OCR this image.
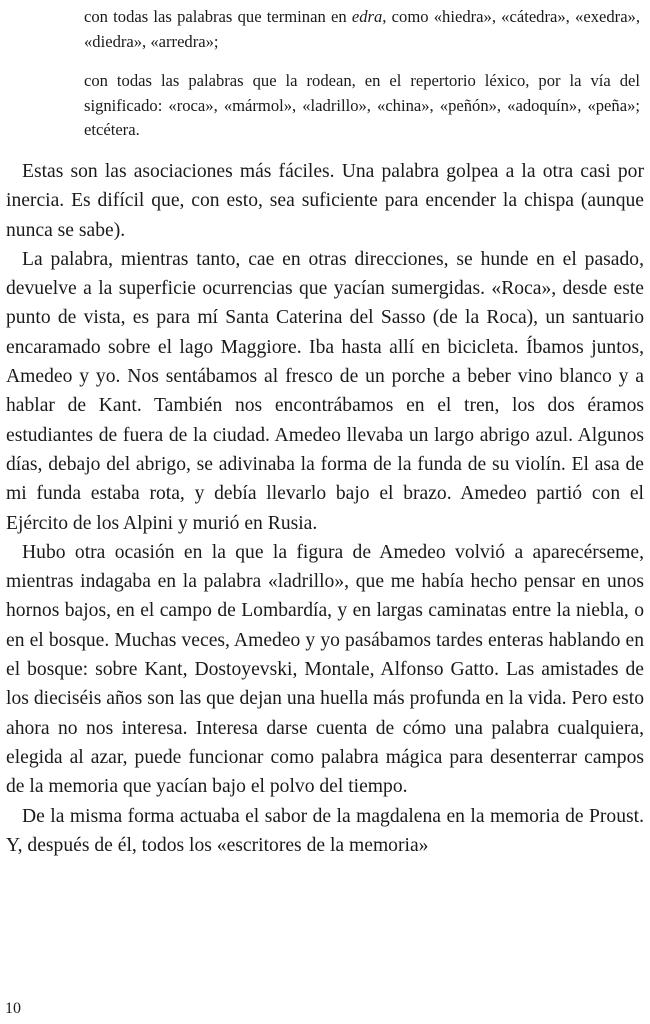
con todas las palabras que terminan en edra, como «hiedra», «cátedra», «exedra», «diedra», «arredra»;

con todas las palabras que la rodean, en el repertorio léxico, por la vía del significado: «roca», «mármol», «ladrillo», «china», «peñón», «adoquín», «peña»; etcétera.

Estas son las asociaciones más fáciles. Una palabra golpea a la otra casi por inercia. Es difícil que, con esto, sea suficiente para encender la chispa (aunque nunca se sabe).

La palabra, mientras tanto, cae en otras direcciones, se hunde en el pasado, devuelve a la superficie ocurrencias que yacían sumergidas. «Roca», desde este punto de vista, es para mí Santa Caterina del Sasso (de la Roca), un santuario encaramado sobre el lago Maggiore. Iba hasta allí en bicicleta. Íbamos juntos, Amedeo y yo. Nos sentábamos al fresco de un porche a beber vino blanco y a hablar de Kant. También nos encontrábamos en el tren, los dos éramos estudiantes de fuera de la ciudad. Amedeo llevaba un largo abrigo azul. Algunos días, debajo del abrigo, se adivinaba la forma de la funda de su violín. El asa de mi funda estaba rota, y debía llevarlo bajo el brazo. Amedeo partió con el Ejército de los Alpini y murió en Rusia.

Hubo otra ocasión en la que la figura de Amedeo volvió a aparecérseme, mientras indagaba en la palabra «ladrillo», que me había hecho pensar en unos hornos bajos, en el campo de Lombardía, y en largas caminatas entre la niebla, o en el bosque. Muchas veces, Amedeo y yo pasábamos tardes enteras hablando en el bosque: sobre Kant, Dostoyevski, Montale, Alfonso Gatto. Las amistades de los dieciséis años son las que dejan una huella más profunda en la vida. Pero esto ahora no nos interesa. Interesa darse cuenta de cómo una palabra cualquiera, elegida al azar, puede funcionar como palabra mágica para desenterrar campos de la memoria que yacían bajo el polvo del tiempo.

De la misma forma actuaba el sabor de la magdalena en la memoria de Proust. Y, después de él, todos los «escritores de la memoria»

10
